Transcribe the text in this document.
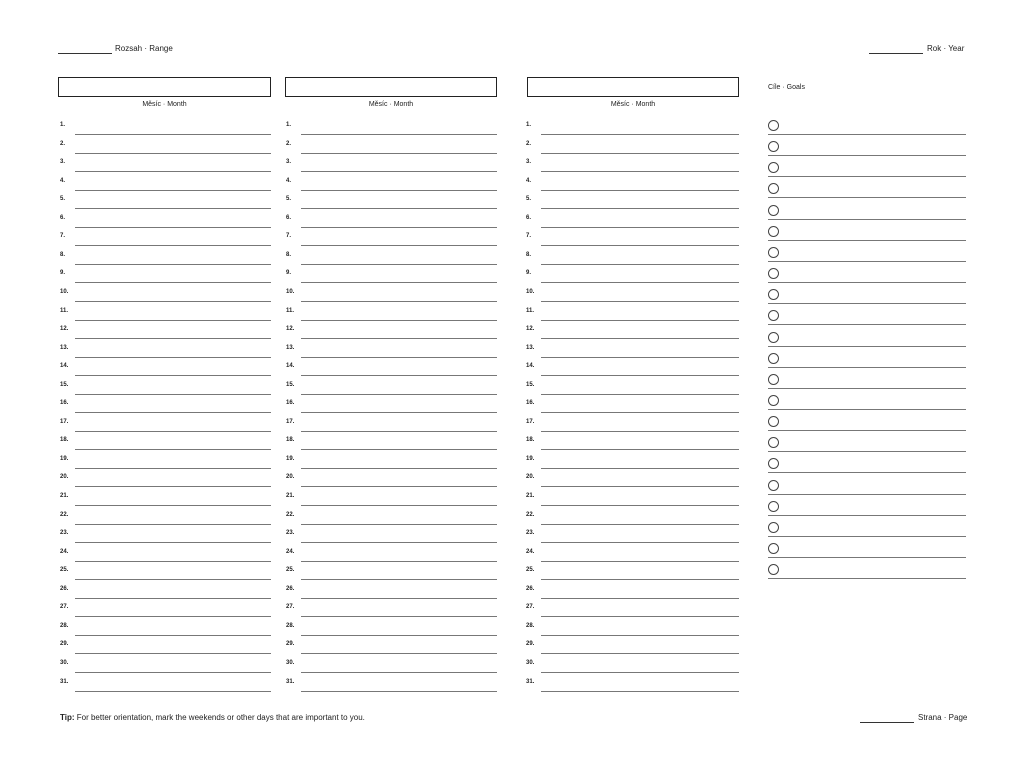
Rozsah · Range	Rok · Year
Měsíc · Month	Měsíc · Month	Měsíc · Month
1.	1.	1.
2.	2.	2.
3.	3.	3.
4.	4.	4.
5.	5.	5.
6.	6.	6.
7.	7.	7.
8.	8.	8.
9.	9.	9.
10.	10.	10.
11.	11.	11.
12.	12.	12.
13.	13.	13.
14.	14.	14.
15.	15.	15.
16.	16.	16.
17.	17.	17.
18.	18.	18.
19.	19.	19.
20.	20.	20.
21.	21.	21.
22.	22.	22.
23.	23.	23.
24.	24.	24.
25.	25.	25.
26.	26.	26.
27.	27.	27.
28.	28.	28.
29.	29.	29.
30.	30.	30.
31.	31.	31.
Cíle · Goals
Tip: For better orientation, mark the weekends or other days that are important to you.	Strana · Page
